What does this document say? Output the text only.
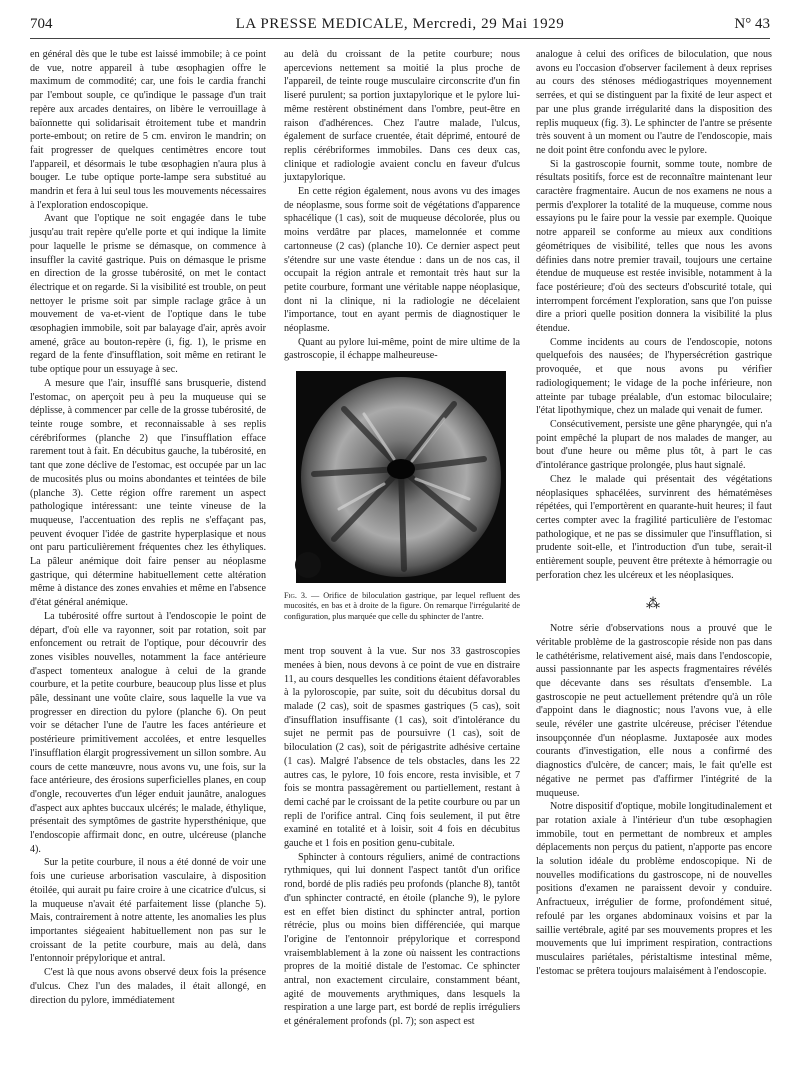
704	LA PRESSE MEDICALE, Mercredi, 29 Mai 1929	N° 43

en général dès que le tube est laissé immobile; à ce point de vue, notre appareil à tube œsophagien offre le maximum de commodité; car, une fois le cardia franchi par l'embout souple, ce qu'indique le passage d'un trait repère aux arcades dentaires, on libère le verrouillage à baïonnette qui solidarisait étroitement tube et mandrin porte-embout; on retire de 5 cm. environ le mandrin; on fait progresser de quelques centimètres encore tout l'appareil, et désormais le tube œsophagien n'aura plus à bouger. Le tube optique porte-lampe sera substitué au mandrin et fera à lui seul tous les mouvements nécessaires à l'exploration endoscopique.

Avant que l'optique ne soit engagée dans le tube jusqu'au trait repère qu'elle porte et qui indique la limite pour laquelle le prisme se démasque, on commence à insuffler la cavité gastrique. Puis on démasque le prisme en direction de la grosse tubérosité, on met le contact électrique et on regarde. Si la visibilité est trouble, on peut nettoyer le prisme soit par simple raclage grâce à un mouvement de va-et-vient de l'optique dans le tube œsophagien immobile, soit par balayage d'air, après avoir amené, grâce au bouton-repère (i, fig. 1), le prisme en regard de la fente d'insufflation, soit même en retirant le tube optique pour un essuyage à sec.

A mesure que l'air, insufflé sans brusquerie, distend l'estomac, on aperçoit peu à peu la muqueuse qui se déplisse, à commencer par celle de la grosse tubérosité, de teinte rouge sombre, et reconnaissable à ses replis cérébriformes (planche 2) que l'insufflation efface rarement tout à fait. En décubitus gauche, la tubérosité, en tant que zone déclive de l'estomac, est occupée par un lac de mucosités plus ou moins abondantes et teintées de bile (planche 3). Cette région offre rarement un aspect pathologique intéressant: une teinte vineuse de la muqueuse, l'accentuation des replis ne s'effaçant pas, peuvent évoquer l'idée de gastrite hyperplasique et nous ont paru particulièrement fréquentes chez les éthyliques. La pâleur anémique doit faire penser au néoplasme gastrique, qui détermine habituellement cette altération même à distance des zones envahies et même en l'absence d'état général anémique.

La tubérosité offre surtout à l'endoscopie le point de départ, d'où elle va rayonner, soit par rotation, soit par enfoncement ou retrait de l'optique, pour découvrir des zones visibles nouvelles, notamment la face antérieure d'aspect tomenteux analogue à celui de la grande courbure, et la petite courbure, beaucoup plus lisse et plus pâle, dessinant une voûte claire, sous laquelle la vue va progresser en direction du pylore (planche 6). On peut voir se détacher l'une de l'autre les faces antérieure et postérieure primitivement accolées, et entre lesquelles l'insufflation élargit progressivement un sillon sombre. Au cours de cette manœuvre, nous avons vu, une fois, sur la face antérieure, des érosions superficielles planes, en coup d'ongle, recouvertes d'un léger enduit jaunâtre, analogues d'aspect aux aphtes buccaux ulcérés; le malade, éthylique, présentait des symptômes de gastrite hypersthénique, que l'endoscopie affirmait donc, en outre, ulcéreuse (planche 4).

Sur la petite courbure, il nous a été donné de voir une fois une curieuse arborisation vasculaire, à disposition étoilée, qui aurait pu faire croire à une cicatrice d'ulcus, si la muqueuse n'avait été parfaitement lisse (planche 5). Mais, contrairement à notre attente, les anomalies les plus importantes siégeaient habituellement non pas sur le croissant de la petite courbure, mais au delà, dans l'entonnoir prépylorique et antral.

C'est là que nous avons observé deux fois la présence d'ulcus. Chez l'un des malades, il était allongé, en direction du pylore, immédiatement

au delà du croissant de la petite courbure; nous apercevions nettement sa moitié la plus proche de l'appareil, de teinte rouge musculaire circonscrite d'un fin liseré purulent; sa portion juxtapylorique et le pylore lui-même restèrent obstinément dans l'ombre, peut-être en raison d'adhérences. Chez l'autre malade, l'ulcus, également de surface cruentée, était déprimé, entouré de replis cérébriformes immobiles. Dans ces deux cas, clinique et radiologie avaient conclu en faveur d'ulcus juxtapylorique.

En cette région également, nous avons vu des images de néoplasme, sous forme soit de végétations d'apparence sphacélique (1 cas), soit de muqueuse décolorée, plus ou moins verdâtre par places, mamelonnée et comme cartonneuse (2 cas) (planche 10). Ce dernier aspect peut s'étendre sur une vaste étendue : dans un de nos cas, il occupait la région antrale et remontait très haut sur la petite courbure, formant une véritable nappe néoplasique, dont ni la clinique, ni la radiologie ne décelaient l'importance, tout en ayant permis de diagnostiquer le néoplasme.

Quant au pylore lui-même, point de mire ultime de la gastroscopie, il échappe malheureuse-

Fig. 3. — Orifice de biloculation gastrique, par lequel refluent des mucosités, en bas et à droite de la figure. On remarque l'irrégularité de configuration, plus marquée que celle du sphincter de l'antre.

ment trop souvent à la vue. Sur nos 33 gastroscopies menées à bien, nous devons à ce point de vue en distraire 11, au cours desquelles les conditions étaient défavorables à la pyloroscopie, par suite, soit du décubitus dorsal du malade (2 cas), soit de spasmes gastriques (5 cas), soit d'insufflation insuffisante (1 cas), soit d'intolérance du sujet ne permit pas de poursuivre (1 cas), soit de biloculation (2 cas), soit de périgastrite adhésive certaine (1 cas). Malgré l'absence de tels obstacles, dans les 22 autres cas, le pylore, 10 fois encore, resta invisible, et 7 fois se montra passagèrement ou partiellement, restant à demi caché par le croissant de la petite courbure ou par un repli de l'orifice antral. Cinq fois seulement, il put être examiné en totalité et à loisir, soit 4 fois en décubitus gauche et 1 fois en position genu-cubitale.

Sphincter à contours réguliers, animé de contractions rythmiques, qui lui donnent l'aspect tantôt d'un orifice rond, bordé de plis radiés peu profonds (planche 8), tantôt d'un sphincter contracté, en étoile (planche 9), le pylore est en effet bien distinct du sphincter antral, portion rétrécie, plus ou moins bien différenciée, qui marque l'origine de l'entonnoir prépylorique et correspond vraisemblablement à la zone où naissent les contractions propres de la moitié distale de l'estomac. Ce sphincter antral, non exactement circulaire, constamment béant, agité de mouvements arythmiques, dans lesquels la respiration a une large part, est bordé de replis irréguliers et généralement profonds (pl. 7); son aspect est

analogue à celui des orifices de biloculation, que nous avons eu l'occasion d'observer facilement à deux reprises au cours des sténoses médiogastriques moyennement serrées, et qui se distinguent par la fixité de leur aspect et par une plus grande irrégularité dans la disposition des replis muqueux (fig. 3). Le sphincter de l'antre se présente très souvent à un moment ou l'autre de l'endoscopie, mais ne doit point être confondu avec le pylore.

Si la gastroscopie fournit, somme toute, nombre de résultats positifs, force est de reconnaître maintenant leur caractère fragmentaire. Aucun de nos examens ne nous a permis d'explorer la totalité de la muqueuse, comme nous essayions pu le faire pour la vessie par exemple. Quoique notre appareil se conforme au mieux aux conditions géométriques de visibilité, telles que nous les avons définies dans notre premier travail, toujours une certaine étendue de muqueuse est restée invisible, notamment à la face postérieure; d'où des secteurs d'obscurité totale, qui interrompent forcément l'exploration, sans que l'on puisse dire a priori quelle position donnera la visibilité la plus étendue.

Comme incidents au cours de l'endoscopie, notons quelquefois des nausées; de l'hypersécrétion gastrique provoquée, et que nous avons pu vérifier radiologiquement; le vidage de la poche inférieure, non atteinte par tubage préalable, d'un estomac biloculaire; l'état lipothymique, chez un malade qui venait de fumer.

Consécutivement, persiste une gêne pharyngée, qui n'a point empêché la plupart de nos malades de manger, au bout d'une heure ou même plus tôt, à part le cas d'intolérance gastrique prolongée, plus haut signalé.

Chez le malade qui présentait des végétations néoplasiques sphacélées, survinrent des hématémèses répétées, qui l'emportèrent en quarante-huit heures; il faut certes compter avec la fragilité particulière de l'estomac pathologique, et ne pas se dissimuler que l'insufflation, si prudente soit-elle, et l'introduction d'un tube, serait-il entièrement souple, peuvent être prétexte à hémorragie ou perforation chez les ulcéreux et les néoplasiques.

⁂

Notre série d'observations nous a prouvé que le véritable problème de la gastroscopie réside non pas dans le cathétérisme, relativement aisé, mais dans l'endoscopie, aussi passionnante par les aspects fragmentaires révélés que décevante dans ses résultats d'ensemble. La gastroscopie ne peut actuellement prétendre qu'à un rôle d'appoint dans le diagnostic; nous l'avons vue, à elle seule, révéler une gastrite ulcéreuse, préciser l'étendue insoupçonnée d'un néoplasme. Juxtaposée aux modes courants d'investigation, elle nous a confirmé des diagnostics d'ulcère, de cancer; mais, le fait qu'elle est négative ne permet pas d'affirmer l'intégrité de la muqueuse.

Notre dispositif d'optique, mobile longitudinalement et par rotation axiale à l'intérieur d'un tube œsophagien immobile, tout en permettant de nombreux et amples déplacements non perçus du patient, n'apporte pas encore la solution idéale du problème endoscopique. Ni de nouvelles modifications du gastroscope, ni de nouvelles positions d'examen ne paraissent devoir y conduire. Anfractueux, irrégulier de forme, profondément situé, refoulé par les organes abdominaux voisins et par la saillie vertébrale, agité par ses mouvements propres et les mouvements que lui impriment respiration, contractions musculaires pariétales, péristaltisme intestinal même, l'estomac se prêtera toujours malaisément à l'endoscopie.
